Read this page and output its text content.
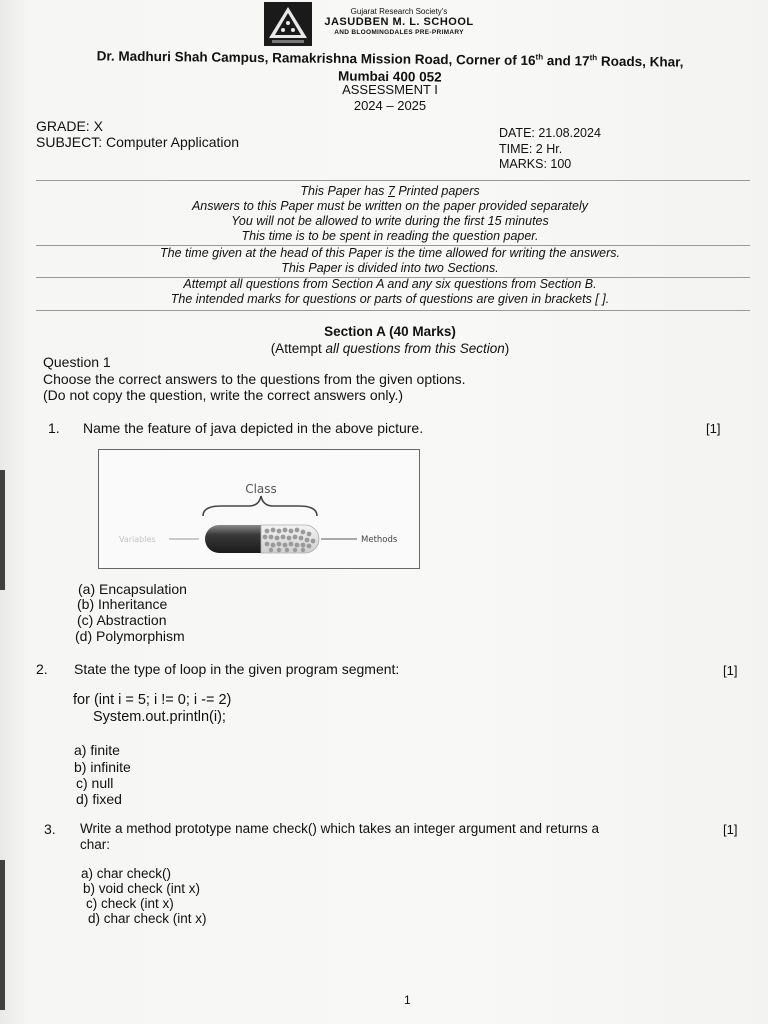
Gujarat Research Society's
JASUDBEN M. L. SCHOOL
AND BLOOMINGDALES PRE-PRIMARY
Dr. Madhuri Shah Campus, Ramakrishna Mission Road, Corner of 16th and 17th Roads, Khar,
Mumbai 400 052
ASSESSMENT I
2024 – 2025
GRADE: X
SUBJECT: Computer Application
DATE: 21.08.2024
TIME: 2 Hr.
MARKS: 100
This Paper has 7 Printed papers
Answers to this Paper must be written on the paper provided separately
You will not be allowed to write during the first 15 minutes
This time is to be spent in reading the question paper.
The time given at the head of this Paper is the time allowed for writing the answers.
This Paper is divided into two Sections.
Attempt all questions from Section A and any six questions from Section B.
The intended marks for questions or parts of questions are given in brackets [ ].
Section A (40 Marks)
(Attempt all questions from this Section)
Question 1
Choose the correct answers to the questions from the given options.
(Do not copy the question, write the correct answers only.)
1. Name the feature of java depicted in the above picture.	[1]
Class
Variables	Methods
(a) Encapsulation
(b) Inheritance
(c) Abstraction
(d) Polymorphism
2. State the type of loop in the given program segment:	[1]
for (int i = 5; i != 0; i -= 2)
System.out.println(i);
a) finite
b) infinite
c) null
d) fixed
3. Write a method prototype name check() which takes an integer argument and returns a
char:
[1]
a) char check()
b) void check (int x)
c) check (int x)
d) char check (int x)
1
